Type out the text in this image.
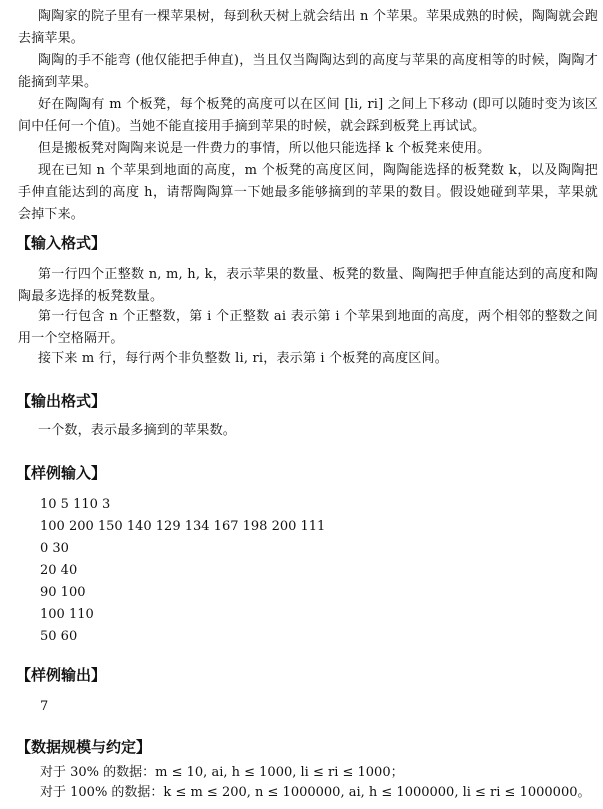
陶陶家的院子里有一棵苹果树，每到秋天树上就会结出 n 个苹果。苹果成熟的时候，陶陶就会跑去摘苹果。

陶陶的手不能弯 (他仅能把手伸直)，当且仅当陶陶达到的高度与苹果的高度相等的时候，陶陶才能摘到苹果。

好在陶陶有 m 个板凳，每个板凳的高度可以在区间 [li, ri] 之间上下移动 (即可以随时变为该区间中任何一个值)。当她不能直接用手摘到苹果的时候，就会踩到板凳上再试试。

但是搬板凳对陶陶来说是一件费力的事情，所以他只能选择 k 个板凳来使用。

现在已知 n 个苹果到地面的高度，m 个板凳的高度区间，陶陶能选择的板凳数 k，以及陶陶把手伸直能达到的高度 h，请帮陶陶算一下她最多能够摘到的苹果的数目。假设她碰到苹果，苹果就会掉下来。

【输入格式】

第一行四个正整数 n, m, h, k，表示苹果的数量、板凳的数量、陶陶把手伸直能达到的高度和陶陶最多选择的板凳数量。

第一行包含 n 个正整数，第 i 个正整数 ai 表示第 i 个苹果到地面的高度，两个相邻的整数之间用一个空格隔开。

接下来 m 行，每行两个非负整数 li, ri，表示第 i 个板凳的高度区间。

【输出格式】

一个数，表示最多摘到的苹果数。

【样例输入】

10 5 110 3

100 200 150 140 129 134 167 198 200 111

0 30

20 40

90 100

100 110

50 60

【样例输出】

7

【数据规模与约定】

对于 30% 的数据：m ≤ 10, ai, h ≤ 1000, li ≤ ri ≤ 1000；

对于 100% 的数据：k ≤ m ≤ 200, n ≤ 1000000, ai, h ≤ 1000000, li ≤ ri ≤ 1000000。
